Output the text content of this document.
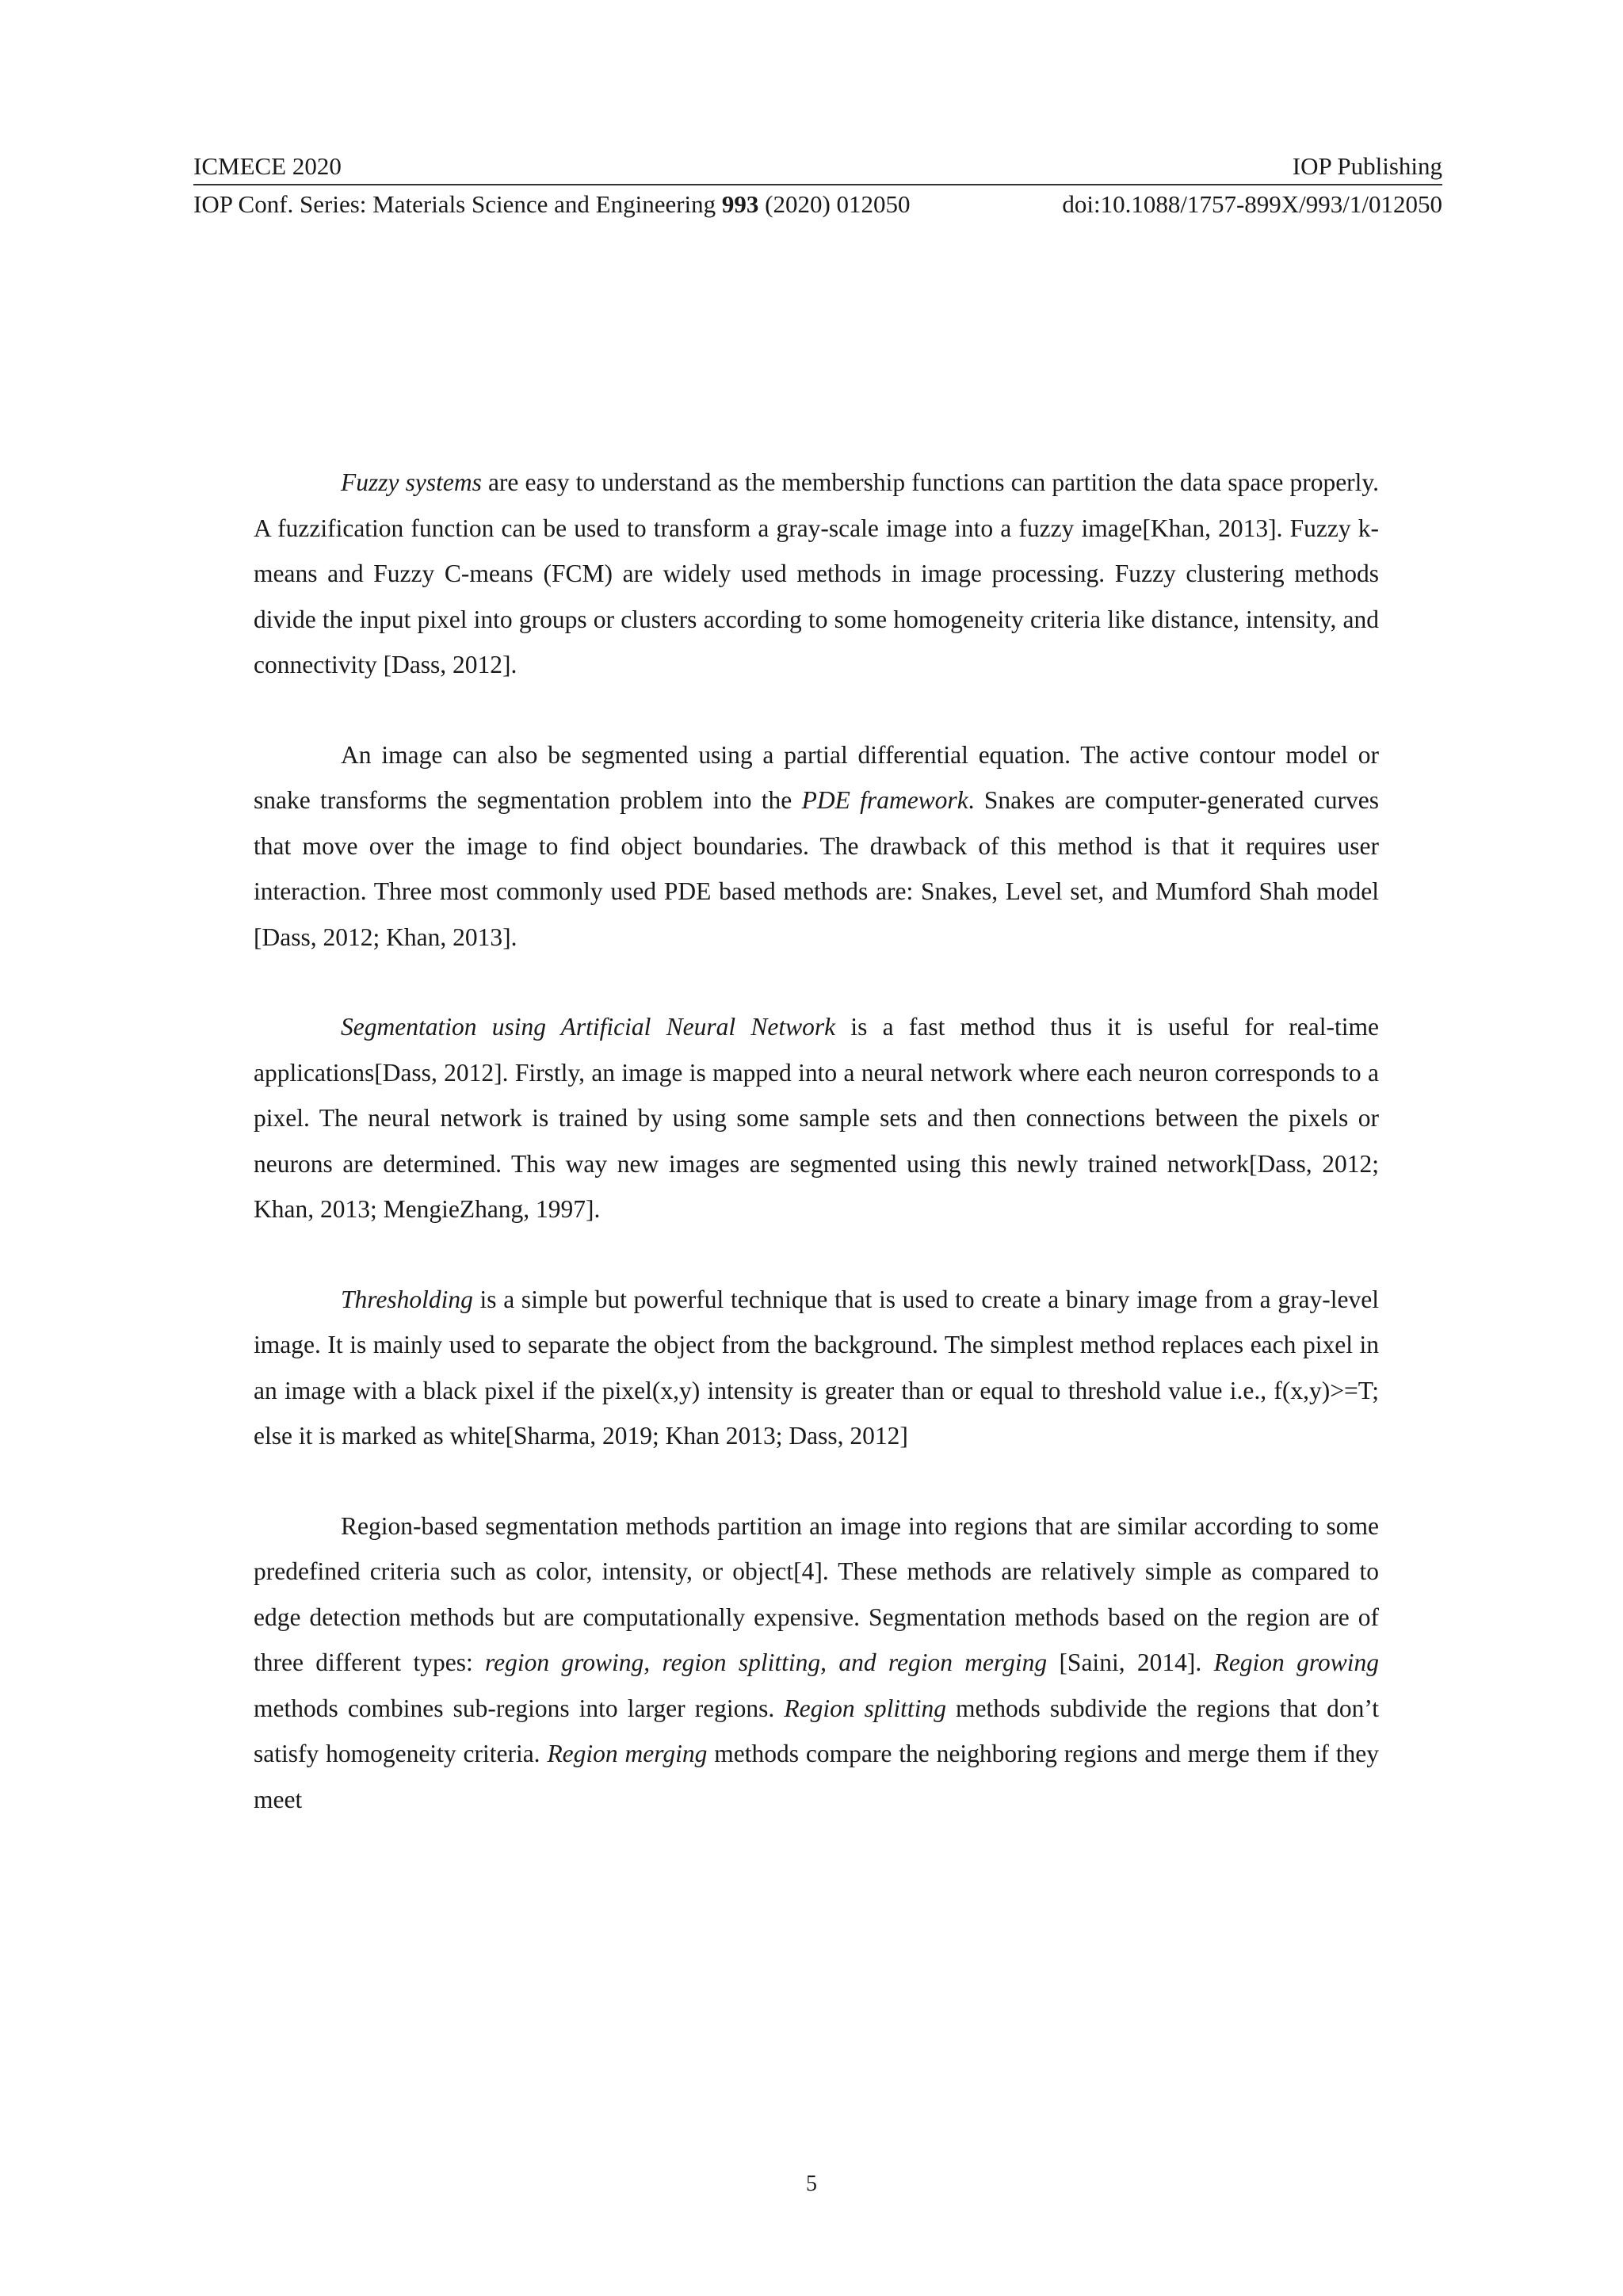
ICMECE 2020	IOP Publishing
IOP Conf. Series: Materials Science and Engineering 993 (2020) 012050	doi:10.1088/1757-899X/993/1/012050

Fuzzy systems are easy to understand as the membership functions can partition the data space properly. A fuzzification function can be used to transform a gray-scale image into a fuzzy image[Khan, 2013]. Fuzzy k-means and Fuzzy C-means (FCM) are widely used methods in image processing. Fuzzy clustering methods divide the input pixel into groups or clusters according to some homogeneity criteria like distance, intensity, and connectivity [Dass, 2012].

An image can also be segmented using a partial differential equation. The active contour model or snake transforms the segmentation problem into the PDE framework. Snakes are computer-generated curves that move over the image to find object boundaries. The drawback of this method is that it requires user interaction. Three most commonly used PDE based methods are: Snakes, Level set, and Mumford Shah model [Dass, 2012; Khan, 2013].

Segmentation using Artificial Neural Network is a fast method thus it is useful for real-time applications[Dass, 2012]. Firstly, an image is mapped into a neural network where each neuron corresponds to a pixel. The neural network is trained by using some sample sets and then connections between the pixels or neurons are determined. This way new images are segmented using this newly trained network[Dass, 2012; Khan, 2013; MengieZhang, 1997].

Thresholding is a simple but powerful technique that is used to create a binary image from a gray-level image. It is mainly used to separate the object from the background. The simplest method replaces each pixel in an image with a black pixel if the pixel(x,y) intensity is greater than or equal to threshold value i.e., f(x,y)>=T; else it is marked as white[Sharma, 2019; Khan 2013; Dass, 2012]

Region-based segmentation methods partition an image into regions that are similar according to some predefined criteria such as color, intensity, or object[4]. These methods are relatively simple as compared to edge detection methods but are computationally expensive. Segmentation methods based on the region are of three different types: region growing, region splitting, and region merging [Saini, 2014]. Region growing methods combines sub-regions into larger regions. Region splitting methods subdivide the regions that don’t satisfy homogeneity criteria. Region merging methods compare the neighboring regions and merge them if they meet

5
